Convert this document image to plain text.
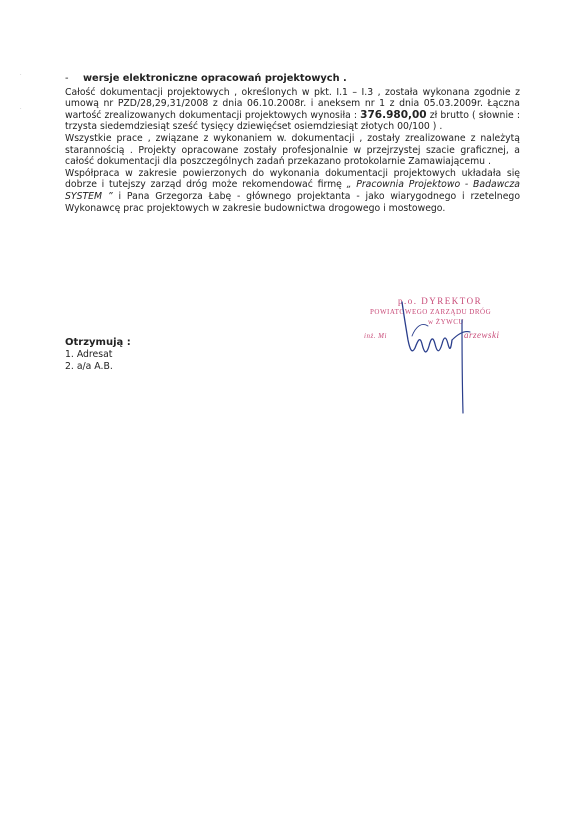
·
·

- wersje elektroniczne opracowań projektowych .

Całość dokumentacji projektowych , określonych w pkt. I.1 – I.3 , została wykonana zgodnie z umową nr PZD/28,29,31/2008 z dnia 06.10.2008r. i aneksem nr 1 z dnia 05.03.2009r. Łączna wartość zrealizowanych dokumentacji projektowych wynosiła : 376.980,00 zł brutto ( słownie : trzysta siedemdziesiąt sześć tysięcy dziewięćset osiemdziesiąt złotych 00/100 ) .

Wszystkie prace , związane z wykonaniem w. dokumentacji , zostały zrealizowane z należytą starannością . Projekty opracowane zostały profesjonalnie w przejrzystej szacie graficznej, a całość dokumentacji dla poszczególnych zadań przekazano protokolarnie Zamawiającemu .

Współpraca w zakresie powierzonych do wykonania dokumentacji projektowych układała się dobrze i tutejszy zarząd dróg może rekomendować firmę „ Pracownia Projektowo - Badawcza SYSTEM ” i Pana Grzegorza Łabę - głównego projektanta - jako wiarygodnego i rzetelnego Wykonawcę prac projektowych w zakresie budownictwa drogowego i mostowego.

Otrzymują :
1. Adresat
2. a/a A.B.
p.o. DYREKTOR
POWIATOWEGO ZARZĄDU DRÓG
w ŻYWCU
inż. Mi	arzewski
